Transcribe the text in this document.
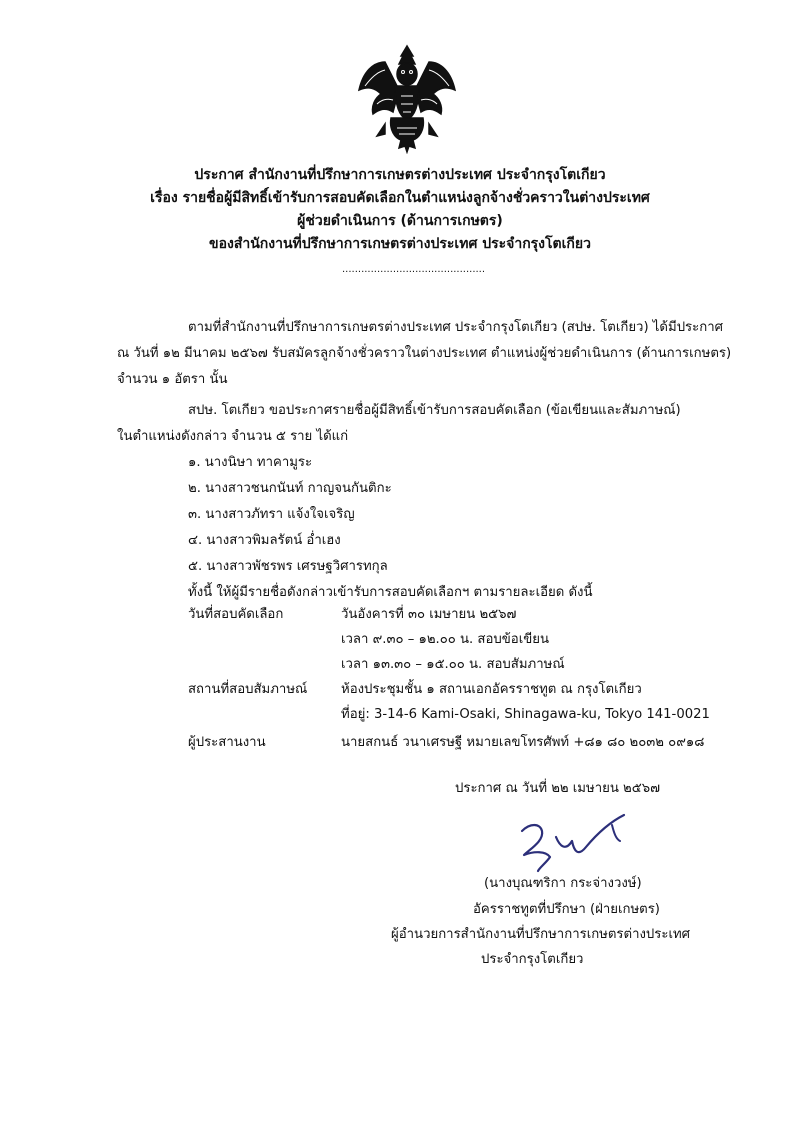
ประกาศ สำนักงานที่ปรึกษาการเกษตรต่างประเทศ ประจำกรุงโตเกียว
เรื่อง รายชื่อผู้มีสิทธิ์เข้ารับการสอบคัดเลือกในตำแหน่งลูกจ้างชั่วคราวในต่างประเทศ
ผู้ช่วยดำเนินการ (ด้านการเกษตร)
ของสำนักงานที่ปรึกษาการเกษตรต่างประเทศ ประจำกรุงโตเกียว
.............................................
ตามที่สำนักงานที่ปรึกษาการเกษตรต่างประเทศ ประจำกรุงโตเกียว (สปษ. โตเกียว) ได้มีประกาศ
ณ วันที่ ๑๒ มีนาคม ๒๕๖๗ รับสมัครลูกจ้างชั่วคราวในต่างประเทศ ตำแหน่งผู้ช่วยดำเนินการ (ด้านการเกษตร)
จำนวน ๑ อัตรา นั้น
สปษ. โตเกียว ขอประกาศรายชื่อผู้มีสิทธิ์เข้ารับการสอบคัดเลือก (ข้อเขียนและสัมภาษณ์)
ในตำแหน่งดังกล่าว จำนวน ๕ ราย ได้แก่
๑. นางนิษา ทาคามูระ
๒. นางสาวชนกนันท์ กาญจนกันติกะ
๓. นางสาวภัทรา แจ้งใจเจริญ
๔. นางสาวพิมลรัตน์ อ่ำเฮง
๕. นางสาวพัชรพร เศรษฐวิศารทกุล
ทั้งนี้ ให้ผู้มีรายชื่อดังกล่าวเข้ารับการสอบคัดเลือกฯ ตามรายละเอียด ดังนี้
วันที่สอบคัดเลือก	วันอังคารที่ ๓๐ เมษายน ๒๕๖๗
เวลา ๙.๓๐ – ๑๒.๐๐ น. สอบข้อเขียน
เวลา ๑๓.๓๐ – ๑๕.๐๐ น. สอบสัมภาษณ์
สถานที่สอบสัมภาษณ์	ห้องประชุมชั้น ๑ สถานเอกอัครราชทูต ณ กรุงโตเกียว
ที่อยู่: 3-14-6 Kami-Osaki, Shinagawa-ku, Tokyo 141-0021
ผู้ประสานงาน	นายสกนธ์ วนาเศรษฐี หมายเลขโทรศัพท์ +๘๑ ๘๐ ๒๐๓๒ ๐๙๑๘
ประกาศ ณ วันที่ ๒๒ เมษายน ๒๕๖๗
(นางบุณฑริกา กระจ่างวงษ์)
อัครราชทูตที่ปรึกษา (ฝ่ายเกษตร)
ผู้อำนวยการสำนักงานที่ปรึกษาการเกษตรต่างประเทศ
ประจำกรุงโตเกียว
